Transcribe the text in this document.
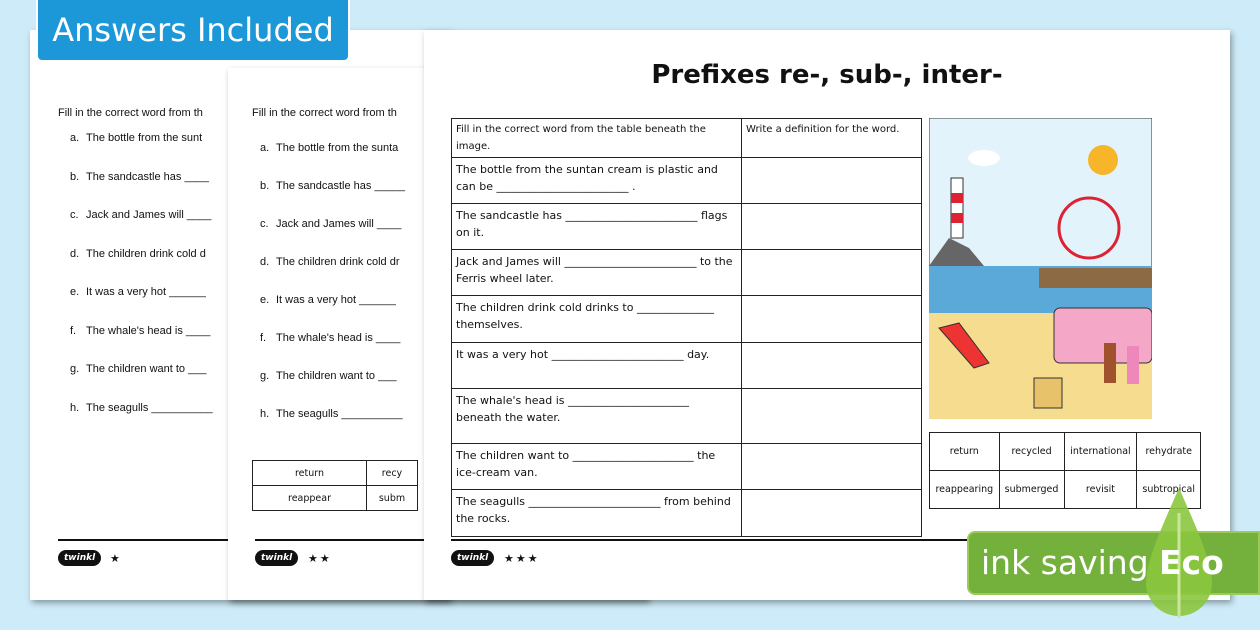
Fill in the correct word from th
a. The bottle from the sunt
b. The sandcastle has ____
c. Jack and James will ____
d. The children drink cold d
e. It was a very hot ______
f. The whale's head is ____
g. The children want to ___
h. The seagulls __________
twinkl	★
Fill in the correct word from th
a. The bottle from the sunta
b. The sandcastle has _____
c. Jack and James will ____
d. The children drink cold dr
e. It was a very hot ______
f. The whale's head is ____
g. The children want to ___
h. The seagulls __________
return	recy
reappear	subm
twinkl	★★
Prefixes re-, sub-, inter-
Fill in the correct word from the table beneath the image.	Write a definition for the word.
The bottle from the suntan cream is plastic and can be ________________________ .	
The sandcastle has ________________________ flags on it.	
Jack and James will ________________________ to the Ferris wheel later.	
The children drink cold drinks to ______________ themselves.	
It was a very hot ________________________ day.	
The whale's head is ______________________ beneath the water.	
The children want to ______________________ the ice-cream van.	
The seagulls ________________________ from behind the rocks.	
return	recycled	international	rehydrate
reappearing	submerged	revisit	subtropical
twinkl	★★★
Answers Included
ink saving Eco
